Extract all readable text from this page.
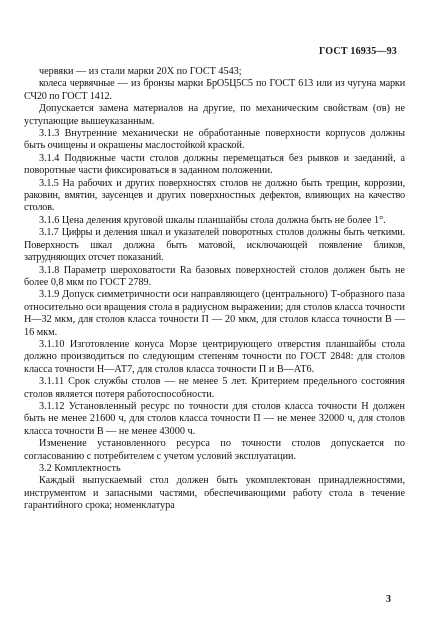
ГОСТ 16935—93

червяки — из стали марки 20Х по ГОСТ 4543;

колеса червячные — из бронзы марки БрО5Ц5С5 по ГОСТ 613 или из чугуна марки СЧ20 по ГОСТ 1412.

Допускается замена материалов на другие, по механическим свойствам (σв) не уступающие вышеуказанным.

3.1.3 Внутренние механически не обработанные поверхности корпусов должны быть очищены и окрашены маслостойкой краской.

3.1.4 Подвижные части столов должны перемещаться без рывков и заеданий, а поворотные части фиксироваться в заданном положении.

3.1.5 На рабочих и других поверхностях столов не должно быть трещин, коррозии, раковин, вмятин, заусенцев и других поверхностных дефектов, влияющих на качество столов.

3.1.6 Цена деления круговой шкалы планшайбы стола должна быть не более 1°.

3.1.7 Цифры и деления шкал и указателей поворотных столов должны быть четкими. Поверхность шкал должна быть матовой, исключающей появление бликов, затрудняющих отсчет показаний.

3.1.8 Параметр шероховатости Ra базовых поверхностей столов должен быть не более 0,8 мкм по ГОСТ 2789.

3.1.9 Допуск симметричности оси направляющего (центрального) Т-образного паза относительно оси вращения стола в радиусном выражении; для столов класса точности Н—32 мкм, для столов класса точности П — 20 мкм, для столов класса точности В — 16 мкм.

3.1.10 Изготовление конуса Морзе центрирующего отверстия планшайбы стола должно производиться по следующим степеням точности по ГОСТ 2848: для столов класса точности Н—АТ7, для столов класса точности П и В—АТ6.

3.1.11 Срок службы столов — не менее 5 лет. Критерием предельного состояния столов является потеря работоспособности.

3.1.12 Установленный ресурс по точности для столов класса точности Н должен быть не менее 21600 ч, для столов класса точности П — не менее 32000 ч, для столов класса точности В — не менее 43000 ч.

Изменение установленного ресурса по точности столов допускается по согласованию с потребителем с учетом условий эксплуатации.

3.2 Комплектность

Каждый выпускаемый стол должен быть укомплектован принадлежностями, инструментом и запасными частями, обеспечивающими работу стола в течение гарантийного срока; номенклатура

3
